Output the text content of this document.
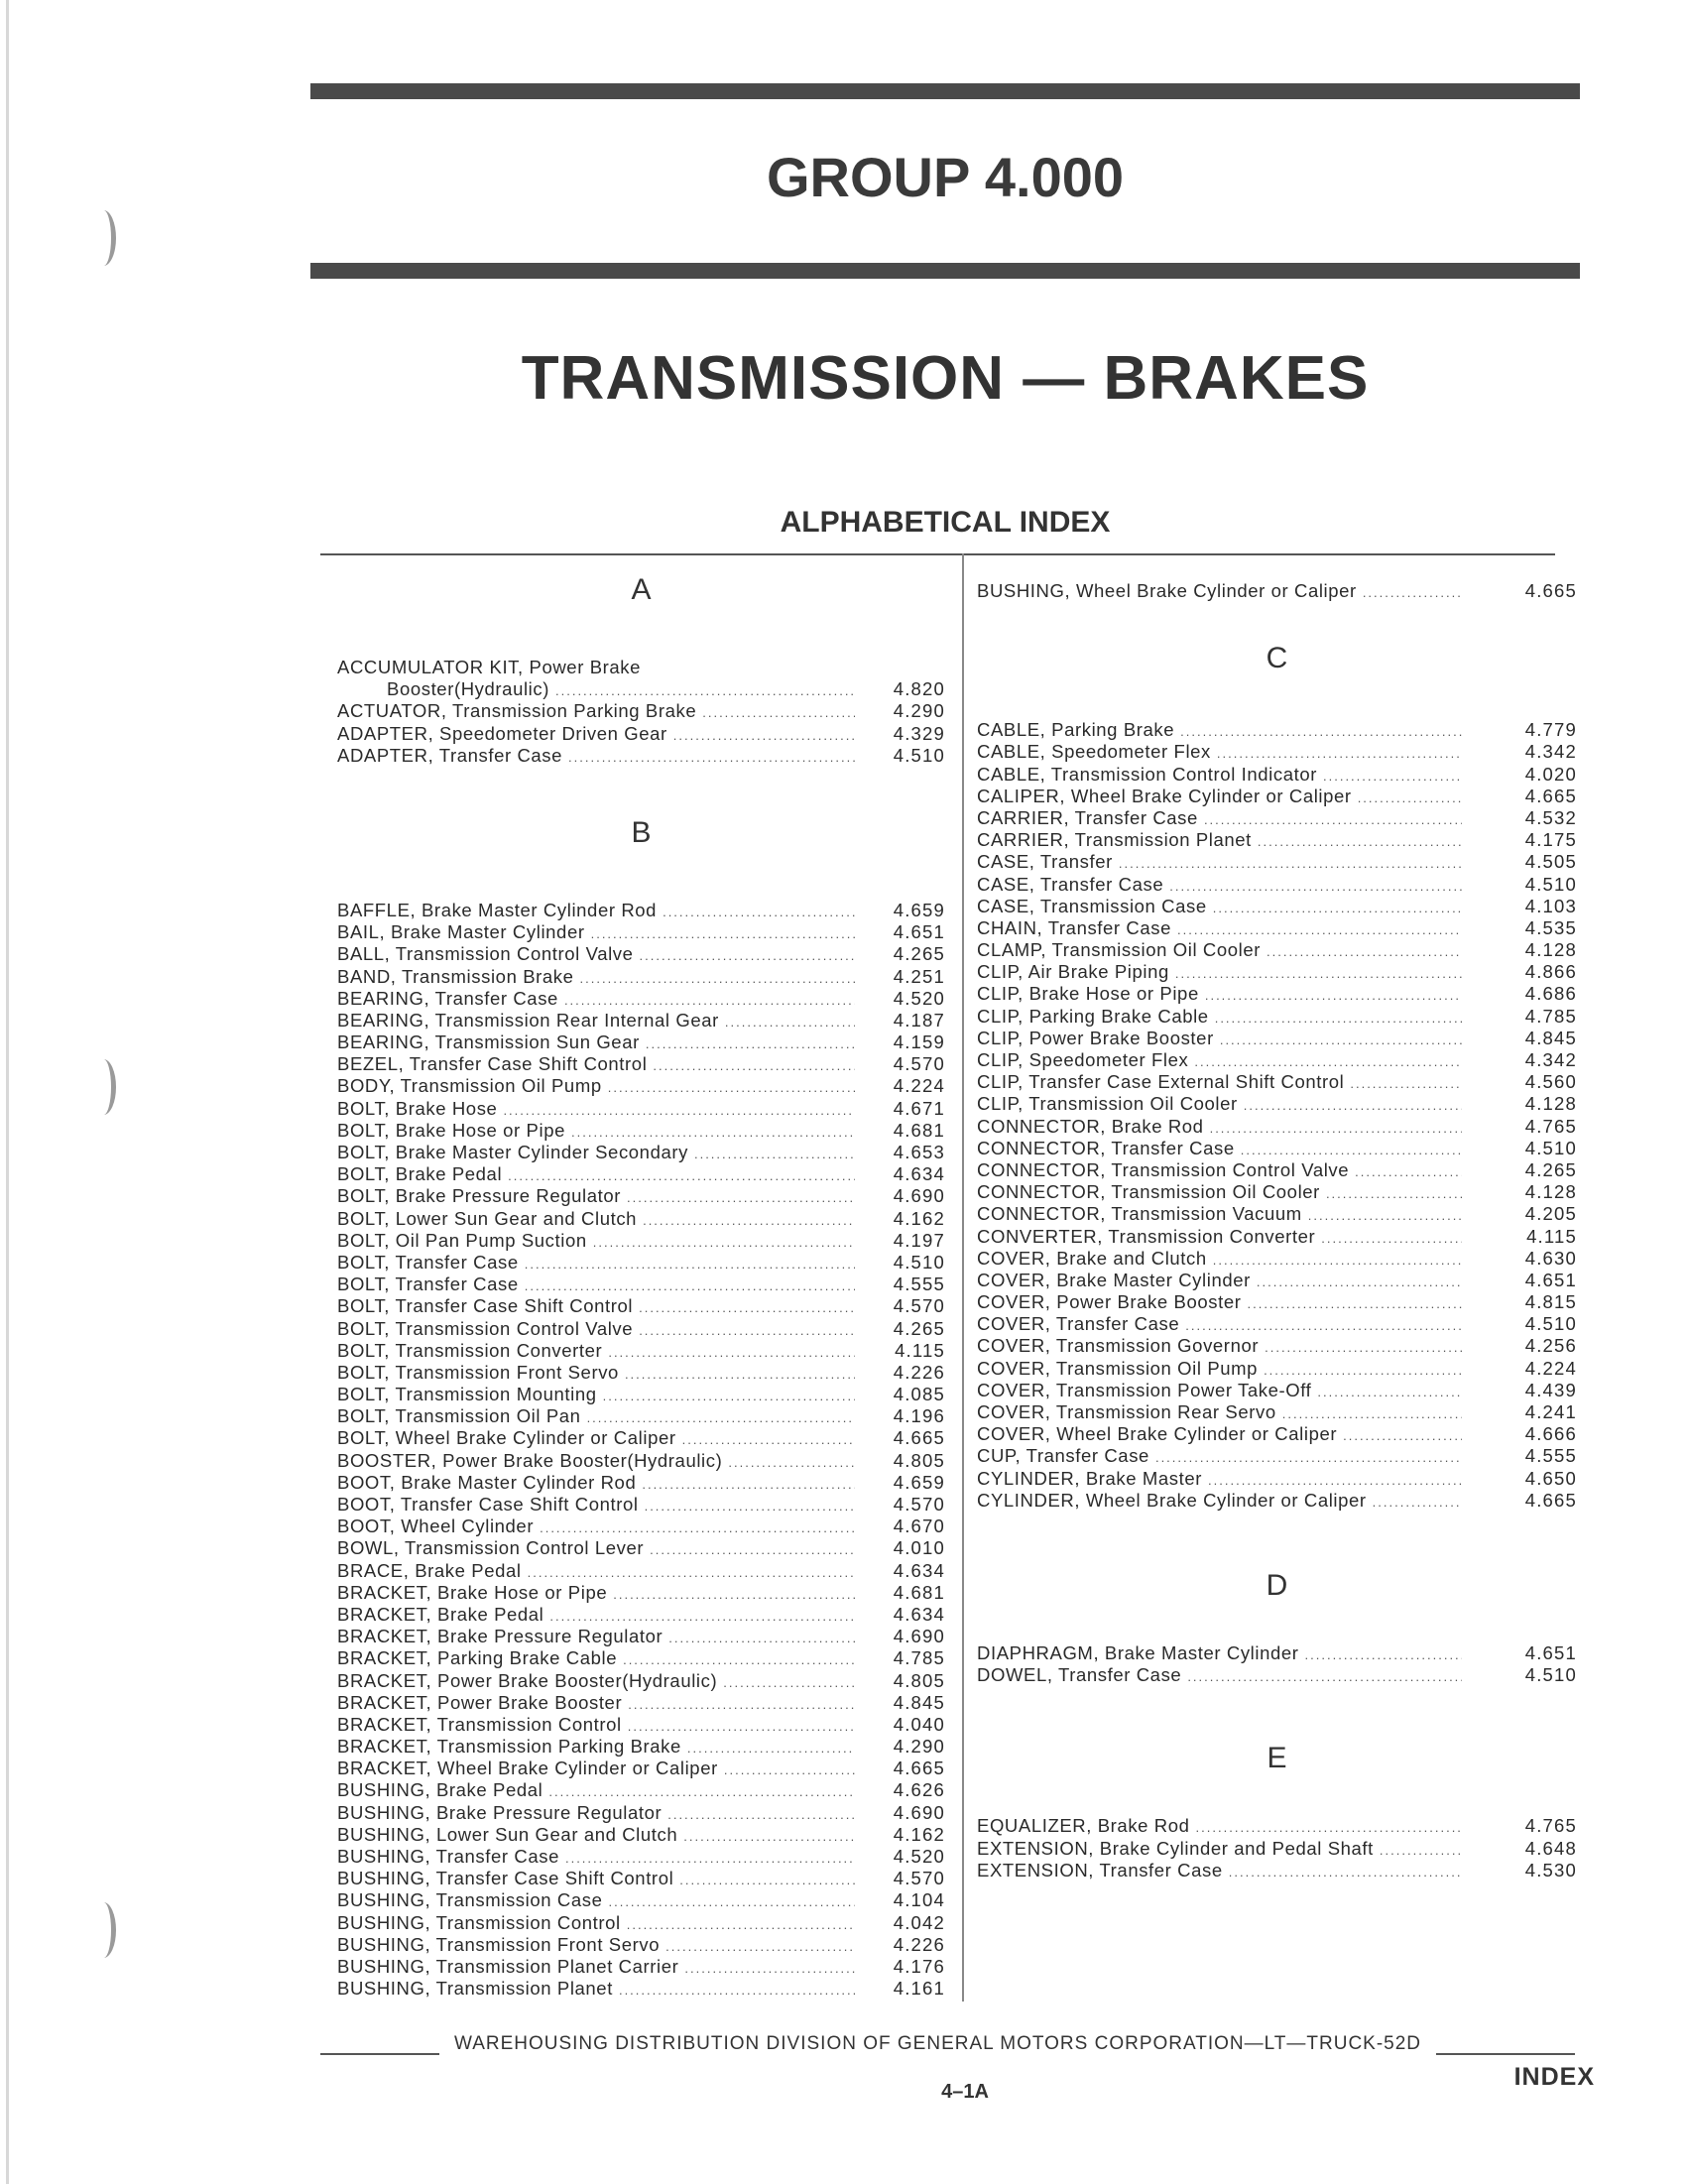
GROUP 4.000
TRANSMISSION — BRAKES
ALPHABETICAL INDEX
A
ACCUMULATOR KIT, Power Brake
Booster(Hydraulic) .....	4.820
ACTUATOR, Transmission Parking Brake .....	4.290
ADAPTER, Speedometer Driven Gear .....	4.329
ADAPTER, Transfer Case .....	4.510
B
BAFFLE, Brake Master Cylinder Rod .....	4.659
BAIL, Brake Master Cylinder .....	4.651
BALL, Transmission Control Valve .....	4.265
BAND, Transmission Brake .....	4.251
BEARING, Transfer Case .....	4.520
BEARING, Transmission Rear Internal Gear .....	4.187
BEARING, Transmission Sun Gear .....	4.159
BEZEL, Transfer Case Shift Control .....	4.570
BODY, Transmission Oil Pump .....	4.224
BOLT, Brake Hose .....	4.671
BOLT, Brake Hose or Pipe .....	4.681
BOLT, Brake Master Cylinder Secondary .....	4.653
BOLT, Brake Pedal .....	4.634
BOLT, Brake Pressure Regulator .....	4.690
BOLT, Lower Sun Gear and Clutch .....	4.162
BOLT, Oil Pan Pump Suction .....	4.197
BOLT, Transfer Case .....	4.510
BOLT, Transfer Case .....	4.555
BOLT, Transfer Case Shift Control .....	4.570
BOLT, Transmission Control Valve .....	4.265
BOLT, Transmission Converter .....	4.115
BOLT, Transmission Front Servo .....	4.226
BOLT, Transmission Mounting .....	4.085
BOLT, Transmission Oil Pan .....	4.196
BOLT, Wheel Brake Cylinder or Caliper .....	4.665
BOOSTER, Power Brake Booster(Hydraulic) .....	4.805
BOOT, Brake Master Cylinder Rod .....	4.659
BOOT, Transfer Case Shift Control .....	4.570
BOOT, Wheel Cylinder .....	4.670
BOWL, Transmission Control Lever .....	4.010
BRACE, Brake Pedal .....	4.634
BRACKET, Brake Hose or Pipe .....	4.681
BRACKET, Brake Pedal .....	4.634
BRACKET, Brake Pressure Regulator .....	4.690
BRACKET, Parking Brake Cable .....	4.785
BRACKET, Power Brake Booster(Hydraulic) .....	4.805
BRACKET, Power Brake Booster .....	4.845
BRACKET, Transmission Control .....	4.040
BRACKET, Transmission Parking Brake .....	4.290
BRACKET, Wheel Brake Cylinder or Caliper .....	4.665
BUSHING, Brake Pedal .....	4.626
BUSHING, Brake Pressure Regulator .....	4.690
BUSHING, Lower Sun Gear and Clutch .....	4.162
BUSHING, Transfer Case .....	4.520
BUSHING, Transfer Case Shift Control .....	4.570
BUSHING, Transmission Case .....	4.104
BUSHING, Transmission Control .....	4.042
BUSHING, Transmission Front Servo .....	4.226
BUSHING, Transmission Planet Carrier .....	4.176
BUSHING, Transmission Planet .....	4.161
BUSHING, Wheel Brake Cylinder or Caliper .....	4.665
C
CABLE, Parking Brake .....	4.779
CABLE, Speedometer Flex .....	4.342
CABLE, Transmission Control Indicator .....	4.020
CALIPER, Wheel Brake Cylinder or Caliper .....	4.665
CARRIER, Transfer Case .....	4.532
CARRIER, Transmission Planet .....	4.175
CASE, Transfer .....	4.505
CASE, Transfer Case .....	4.510
CASE, Transmission Case .....	4.103
CHAIN, Transfer Case .....	4.535
CLAMP, Transmission Oil Cooler .....	4.128
CLIP, Air Brake Piping .....	4.866
CLIP, Brake Hose or Pipe .....	4.686
CLIP, Parking Brake Cable .....	4.785
CLIP, Power Brake Booster .....	4.845
CLIP, Speedometer Flex .....	4.342
CLIP, Transfer Case External Shift Control .....	4.560
CLIP, Transmission Oil Cooler .....	4.128
CONNECTOR, Brake Rod .....	4.765
CONNECTOR, Transfer Case .....	4.510
CONNECTOR, Transmission Control Valve .....	4.265
CONNECTOR, Transmission Oil Cooler .....	4.128
CONNECTOR, Transmission Vacuum .....	4.205
CONVERTER, Transmission Converter .....	4.115
COVER, Brake and Clutch .....	4.630
COVER, Brake Master Cylinder .....	4.651
COVER, Power Brake Booster .....	4.815
COVER, Transfer Case .....	4.510
COVER, Transmission Governor .....	4.256
COVER, Transmission Oil Pump .....	4.224
COVER, Transmission Power Take-Off .....	4.439
COVER, Transmission Rear Servo .....	4.241
COVER, Wheel Brake Cylinder or Caliper .....	4.666
CUP, Transfer Case .....	4.555
CYLINDER, Brake Master .....	4.650
CYLINDER, Wheel Brake Cylinder or Caliper .....	4.665
D
DIAPHRAGM, Brake Master Cylinder .....	4.651
DOWEL, Transfer Case .....	4.510
E
EQUALIZER, Brake Rod .....	4.765
EXTENSION, Brake Cylinder and Pedal Shaft .....	4.648
EXTENSION, Transfer Case .....	4.530
WAREHOUSING DISTRIBUTION DIVISION OF GENERAL MOTORS CORPORATION—LT—TRUCK-52D
4–1A
INDEX
